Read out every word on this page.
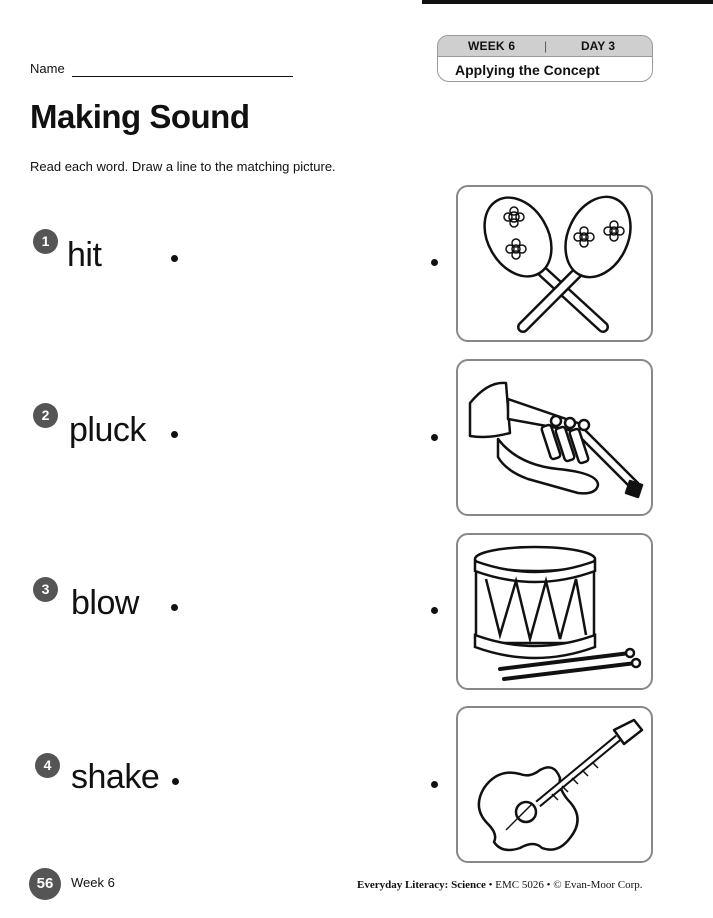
WEEK 6 |	DAY 3
Applying the Concept
Name
Making Sound
Read each word. Draw a line to the matching picture.
1 hit
2 pluck
3 blow
4 shake
56	Week 6	Everyday Literacy: Science • EMC 5026 • © Evan-Moor Corp.
